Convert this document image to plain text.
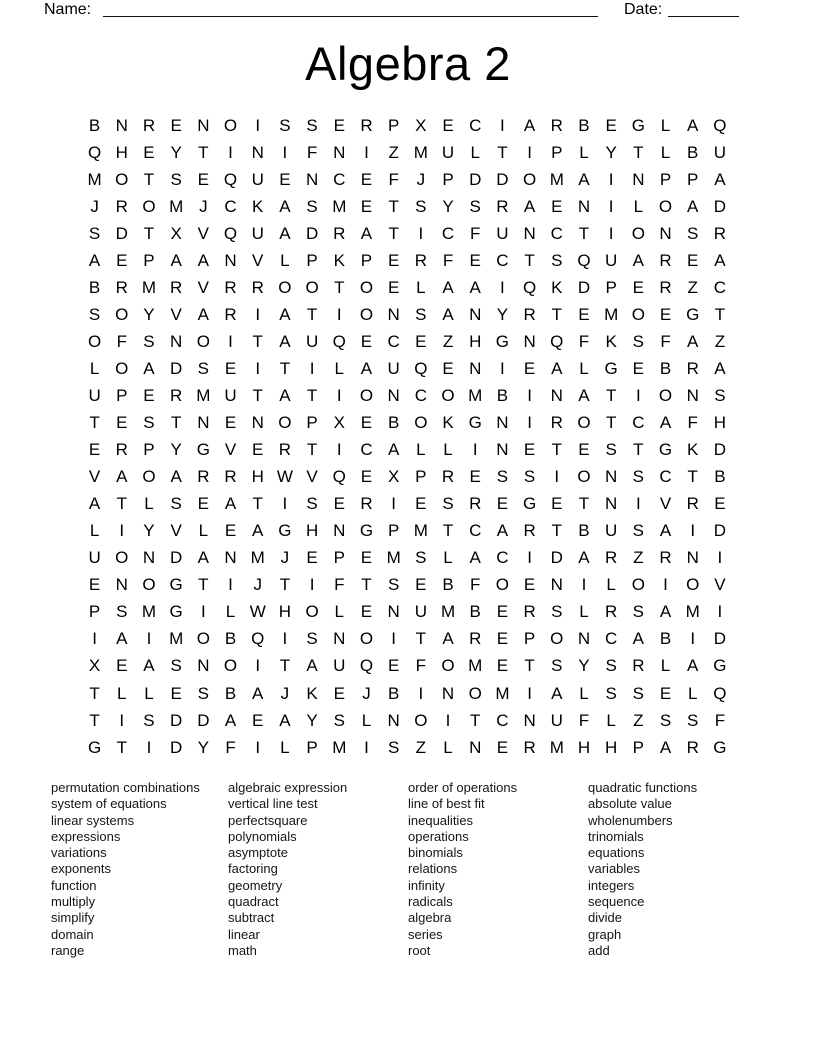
Name:	Date:
Algebra 2
B N R E N O	I	S S E R P X E C	I	A R B E G L A Q
Q H E Y T	I	N	I	F N	I	Z M U L	T	I	P L Y T	L B U
M O T S E Q U E N C E F	J	P D D O M A	I	N P P A
J R O M J C K A S M E T S Y S R A E N	I	L O A D
S D T X V Q U A D R A T	I	C F U N C T	I	O N S R
A E P A A N V L P K P E R F E C T S Q U A R E A
B R M R V R R O O T O E L A A	I	Q K D P E R Z C
S O Y V A R	I	A T	I	O N S A N Y R T E M O E G T
O F S N O	I	T A U Q E C E Z H G N Q F K S F A Z
L O A D S E	I	T	I	L A U Q E N	I	E A L G E B R A
U P E R M U T A T	I	O N C O M B	I	N A T	I	O N S
T E S T N E N O P X E B O K G N	I	R O T C A F H
E R P Y G V E R T	I	C A L	L	I	N E T E S T G K D
V A O A R R H W V Q E X P R E S S	I	O N S C T B
A T	L S E A T	I	S E R	I	E S R E G E T N	I	V R E
L	I	Y V L E A G H N G P M T C A R T B U S A	I	D
U O N D A N M J	E P E M S L A C	I	D A R Z R N	I
E N O G T	I	J	T	I	F T S E B F O E N	I	L O	I	O V
P S M G	I	L W H O L E N U M B E R S L R S A M	I
I	A	I	M O B Q	I	S N O	I	T A R E P O N C A B	I	D
X E A S N O	I	T A U Q E F O M E T S Y S R L A G
T	L	L E S B A	J	K E	J	B	I	N O M	I	A L S S E L Q
T	I	S D D A E A Y S L N O	I	T C N U F	L	Z S S F
G T	I	D Y F	I	L P M	I	S Z	L N E R M H H P A R G
permutation combinations
system of equations
linear systems
expressions
variations
exponents
function
multiply
simplify
domain
range
algebraic expression
vertical line test
perfectsquare
polynomials
asymptote
factoring
geometry
quadract
subtract
linear
math
order of operations
line of best fit
inequalities
operations
binomials
relations
infinity
radicals
algebra
series
root
quadratic functions
absolute value
wholenumbers
trinomials
equations
variables
integers
sequence
divide
graph
add
